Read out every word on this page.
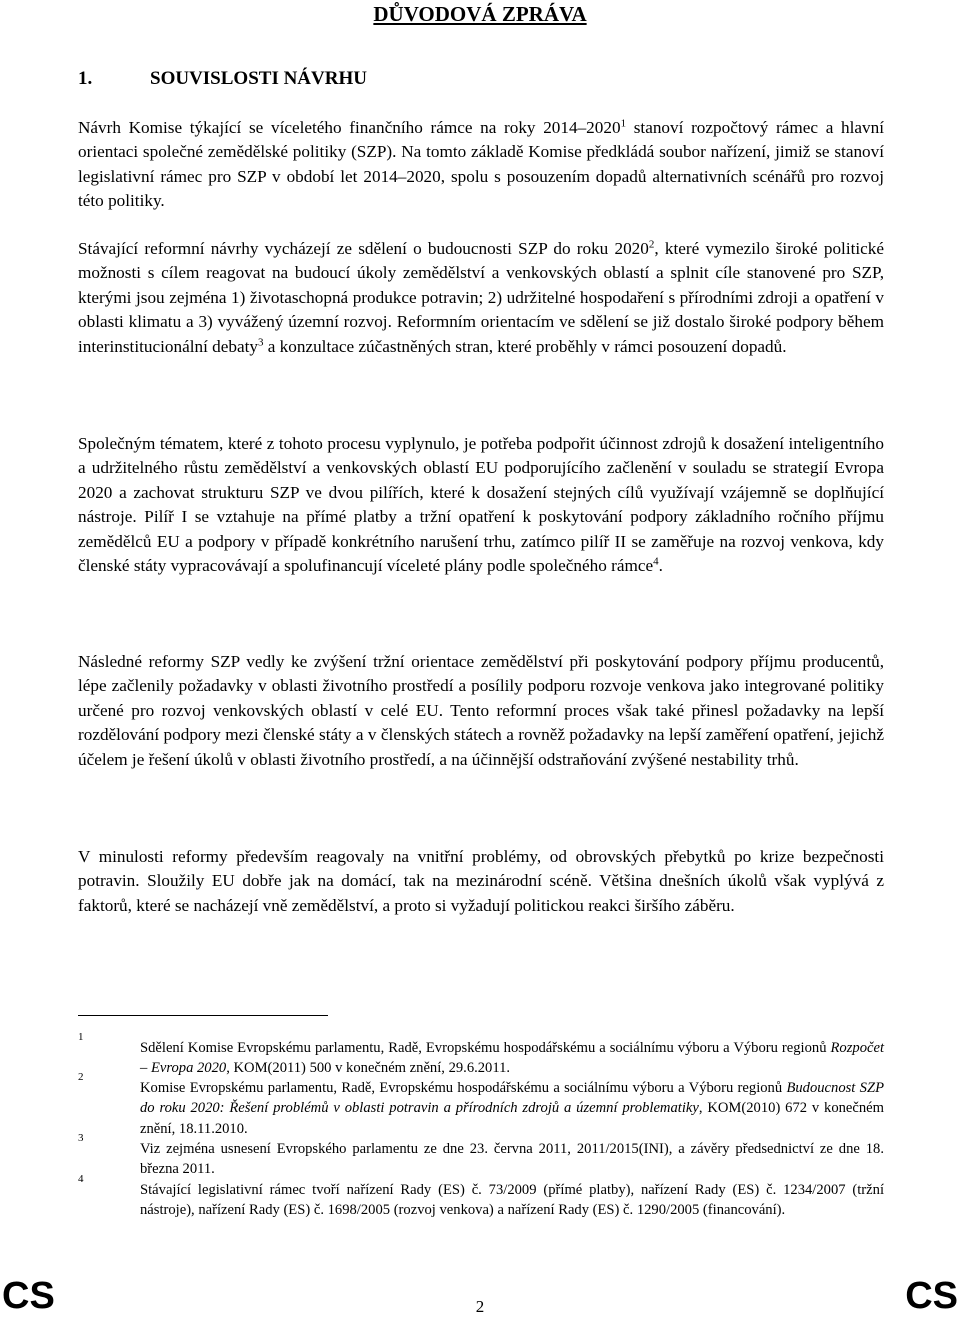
DŮVODOVÁ ZPRÁVA
1.	SOUVISLOSTI NÁVRHU
Návrh Komise týkající se víceletého finančního rámce na roky 2014–2020$^1$ stanoví rozpočtový rámec a hlavní orientaci společné zemědělské politiky (SZP). Na tomto základě Komise předkládá soubor nařízení, jimiž se stanoví legislativní rámec pro SZP v období let 2014–2020, spolu s posouzením dopadů alternativních scénářů pro rozvoj této politiky.
Stávající reformní návrhy vycházejí ze sdělení o budoucnosti SZP do roku 2020$^2$, které vymezilo široké politické možnosti s cílem reagovat na budoucí úkoly zemědělství a venkovských oblastí a splnit cíle stanovené pro SZP, kterými jsou zejména 1) životaschopná produkce potravin; 2) udržitelné hospodaření s přírodními zdroji a opatření v oblasti klimatu a 3) vyvážený územní rozvoj. Reformním orientacím ve sdělení se již dostalo široké podpory během interinstitucionální debaty$^3$ a konzultace zúčastněných stran, které proběhly v rámci posouzení dopadů.
Společným tématem, které z tohoto procesu vyplynulo, je potřeba podpořit účinnost zdrojů k dosažení inteligentního a udržitelného růstu zemědělství a venkovských oblastí EU podporujícího začlenění v souladu se strategií Evropa 2020 a zachovat strukturu SZP ve dvou pilířích, které k dosažení stejných cílů využívají vzájemně se doplňující nástroje. Pilíř I se vztahuje na přímé platby a tržní opatření k poskytování podpory základního ročního příjmu zemědělců EU a podpory v případě konkrétního narušení trhu, zatímco pilíř II se zaměřuje na rozvoj venkova, kdy členské státy vypracovávají a spolufinancují víceleté plány podle společného rámce$^4$.
Následné reformy SZP vedly ke zvýšení tržní orientace zemědělství při poskytování podpory příjmu producentů, lépe začlenily požadavky v oblasti životního prostředí a posílily podporu rozvoje venkova jako integrované politiky určené pro rozvoj venkovských oblastí v celé EU. Tento reformní proces však také přinesl požadavky na lepší rozdělování podpory mezi členské státy a v členských státech a rovněž požadavky na lepší zaměření opatření, jejichž účelem je řešení úkolů v oblasti životního prostředí, a na účinnější odstraňování zvýšené nestability trhů.
V minulosti reformy především reagovaly na vnitřní problémy, od obrovských přebytků po krize bezpečnosti potravin. Sloužily EU dobře jak na domácí, tak na mezinárodní scéně. Většina dnešních úkolů však vyplývá z faktorů, které se nacházejí vně zemědělství, a proto si vyžadují politickou reakci širšího záběru.
1
Sdělení Komise Evropskému parlamentu, Radě, Evropskému hospodářskému a sociálnímu výboru a Výboru regionů Rozpočet – Evropa 2020, KOM(2011) 500 v konečném znění, 29.6.2011.
2
Komise Evropskému parlamentu, Radě, Evropskému hospodářskému a sociálnímu výboru a Výboru regionů Budoucnost SZP do roku 2020: Řešení problémů v oblasti potravin a přírodních zdrojů a územní problematiky, KOM(2010) 672 v konečném znění, 18.11.2010.
3
Viz zejména usnesení Evropského parlamentu ze dne 23. června 2011, 2011/2015(INI), a závěry předsednictví ze dne 18. března 2011.
4
Stávající legislativní rámec tvoří nařízení Rady (ES) č. 73/2009 (přímé platby), nařízení Rady (ES) č. 1234/2007 (tržní nástroje), nařízení Rady (ES) č. 1698/2005 (rozvoj venkova) a nařízení Rady (ES) č. 1290/2005 (financování).
CS	2	CS
